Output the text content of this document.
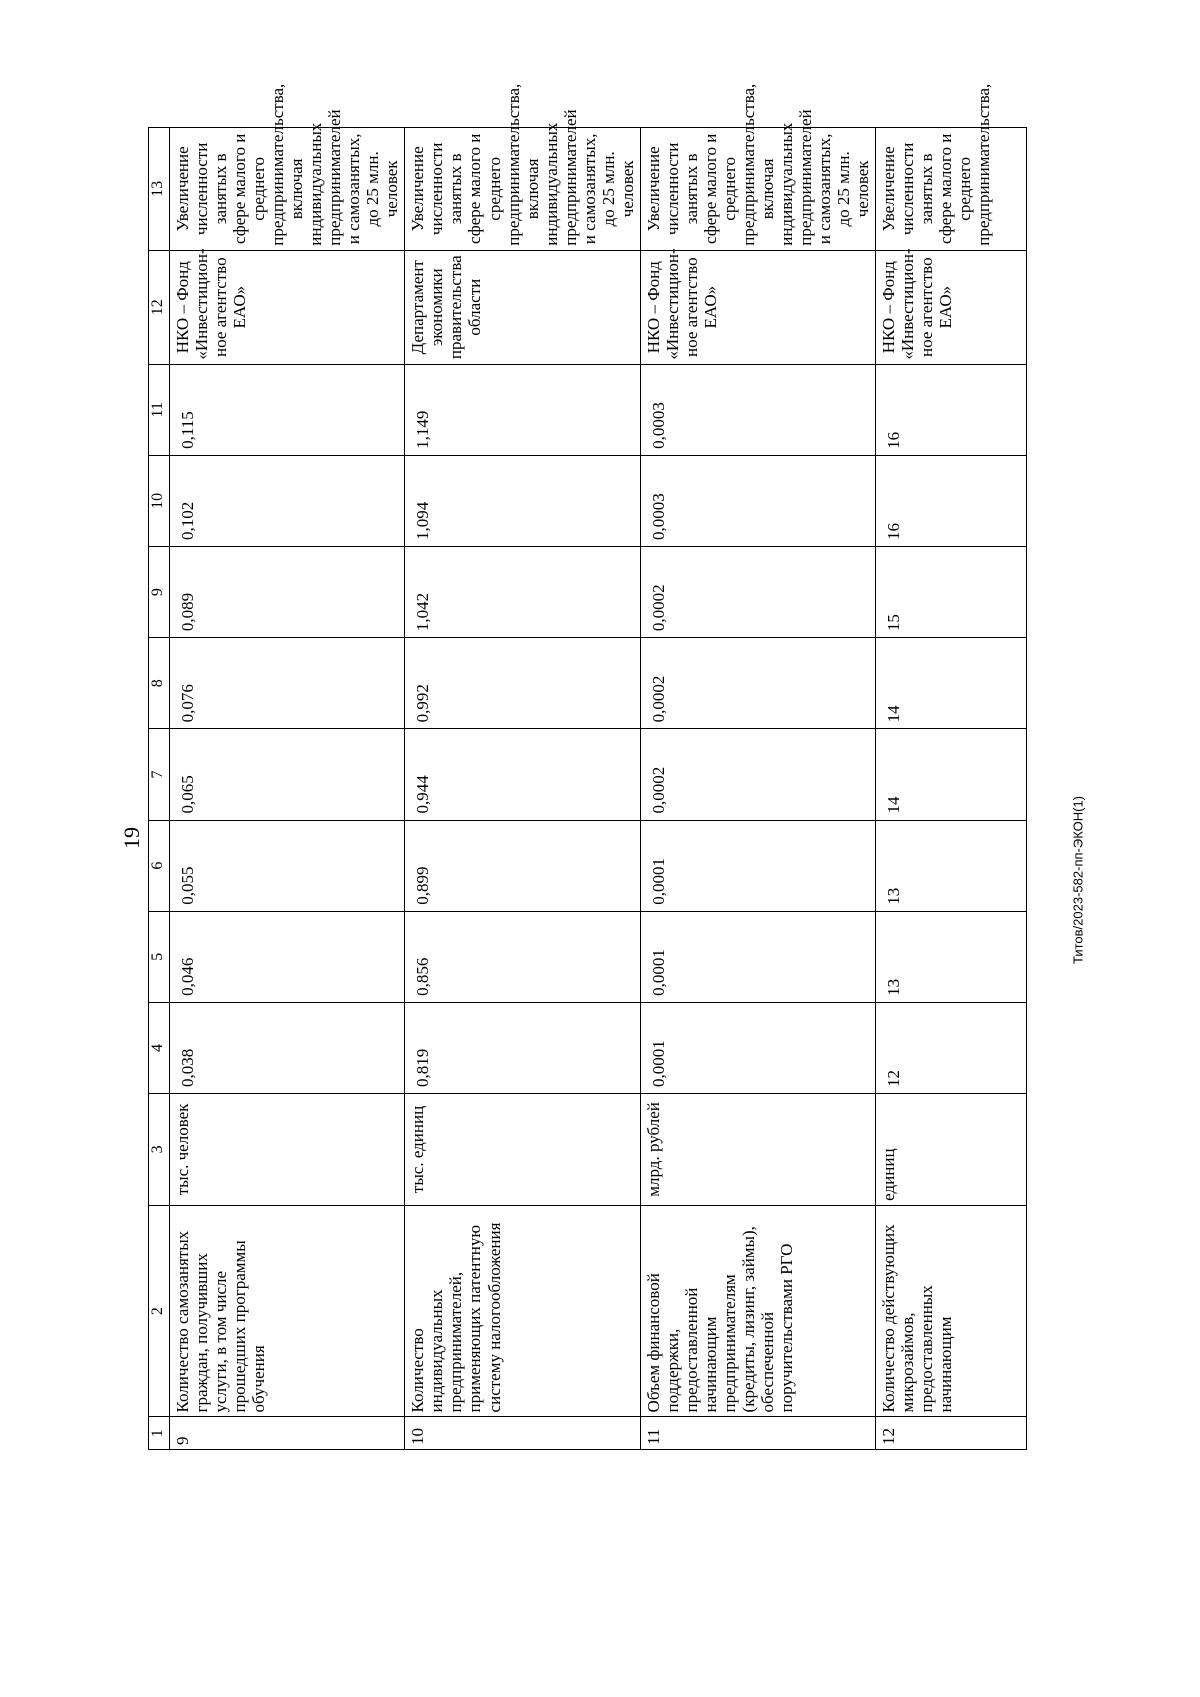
19	Титов/2023-582-пп-ЭКОН(1)
1	2	3	4	5	6	7	8	9	10	11	12	13
9	Количество самозанятых граждан, получивших услуги, в том числе прошедших программы обучения	тыс. человек	0,038	0,046	0,055	0,065	0,076	0,089	0,102	0,115	НКО – Фонд «Инвестицион-ное агентство ЕАО»	Увеличение численности занятых в сфере малого и среднего предпринимательства, включая индивидуальных предпринимателей и самозанятых, до 25 млн. человек
10	Количество индивидуальных предпринимателей, применяющих патентную систему налогообложения	тыс. единиц	0,819	0,856	0,899	0,944	0,992	1,042	1,094	1,149	Департамент экономики правительства области	Увеличение численности занятых в сфере малого и среднего предпринимательства, включая индивидуальных предпринимателей и самозанятых, до 25 млн. человек
11	Объем финансовой поддержки, предоставленной начинающим предпринимателям (кредиты, лизинг, займы), обеспеченной поручительствами РГО	млрд. рублей	0,0001	0,0001	0,0001	0,0002	0,0002	0,0002	0,0003	0,0003	НКО – Фонд «Инвестицион-ное агентство ЕАО»	Увеличение численности занятых в сфере малого и среднего предпринимательства, включая индивидуальных предпринимателей и самозанятых, до 25 млн. человек
12	Количество действующих микрозаймов, предоставленных начинающим	единиц	12	13	13	14	14	15	16	16	НКО – Фонд «Инвестицион-ное агентство ЕАО»	Увеличение численности занятых в сфере малого и среднего предпринимательства,
